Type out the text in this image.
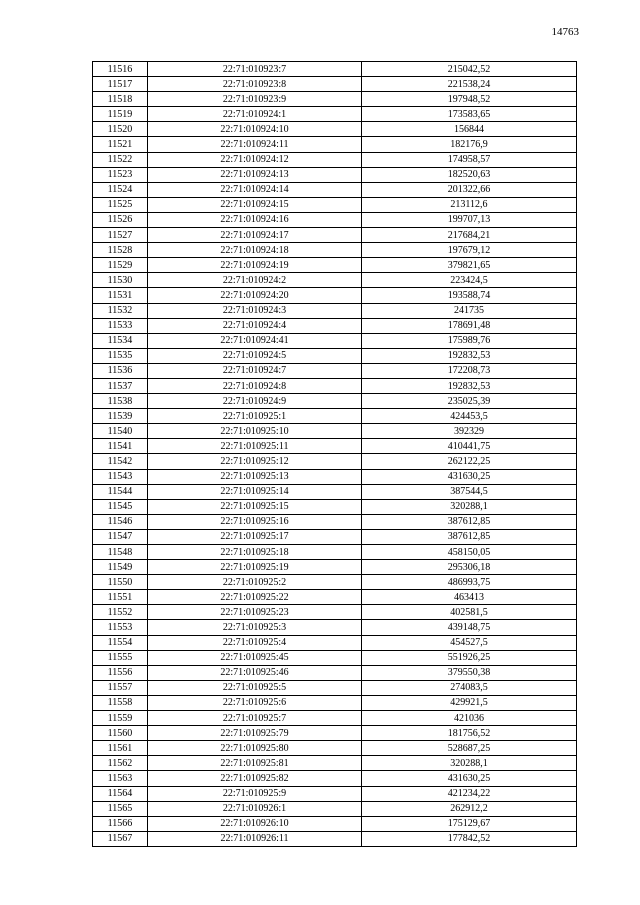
14763
11516	22:71:010923:7	215042,52
11517	22:71:010923:8	221538,24
11518	22:71:010923:9	197948,52
11519	22:71:010924:1	173583,65
11520	22:71:010924:10	156844
11521	22:71:010924:11	182176,9
11522	22:71:010924:12	174958,57
11523	22:71:010924:13	182520,63
11524	22:71:010924:14	201322,66
11525	22:71:010924:15	213112,6
11526	22:71:010924:16	199707,13
11527	22:71:010924:17	217684,21
11528	22:71:010924:18	197679,12
11529	22:71:010924:19	379821,65
11530	22:71:010924:2	223424,5
11531	22:71:010924:20	193588,74
11532	22:71:010924:3	241735
11533	22:71:010924:4	178691,48
11534	22:71:010924:41	175989,76
11535	22:71:010924:5	192832,53
11536	22:71:010924:7	172208,73
11537	22:71:010924:8	192832,53
11538	22:71:010924:9	235025,39
11539	22:71:010925:1	424453,5
11540	22:71:010925:10	392329
11541	22:71:010925:11	410441,75
11542	22:71:010925:12	262122,25
11543	22:71:010925:13	431630,25
11544	22:71:010925:14	387544,5
11545	22:71:010925:15	320288,1
11546	22:71:010925:16	387612,85
11547	22:71:010925:17	387612,85
11548	22:71:010925:18	458150,05
11549	22:71:010925:19	295306,18
11550	22:71:010925:2	486993,75
11551	22:71:010925:22	463413
11552	22:71:010925:23	402581,5
11553	22:71:010925:3	439148,75
11554	22:71:010925:4	454527,5
11555	22:71:010925:45	551926,25
11556	22:71:010925:46	379550,38
11557	22:71:010925:5	274083,5
11558	22:71:010925:6	429921,5
11559	22:71:010925:7	421036
11560	22:71:010925:79	181756,52
11561	22:71:010925:80	528687,25
11562	22:71:010925:81	320288,1
11563	22:71:010925:82	431630,25
11564	22:71:010925:9	421234,22
11565	22:71:010926:1	262912,2
11566	22:71:010926:10	175129,67
11567	22:71:010926:11	177842,52
